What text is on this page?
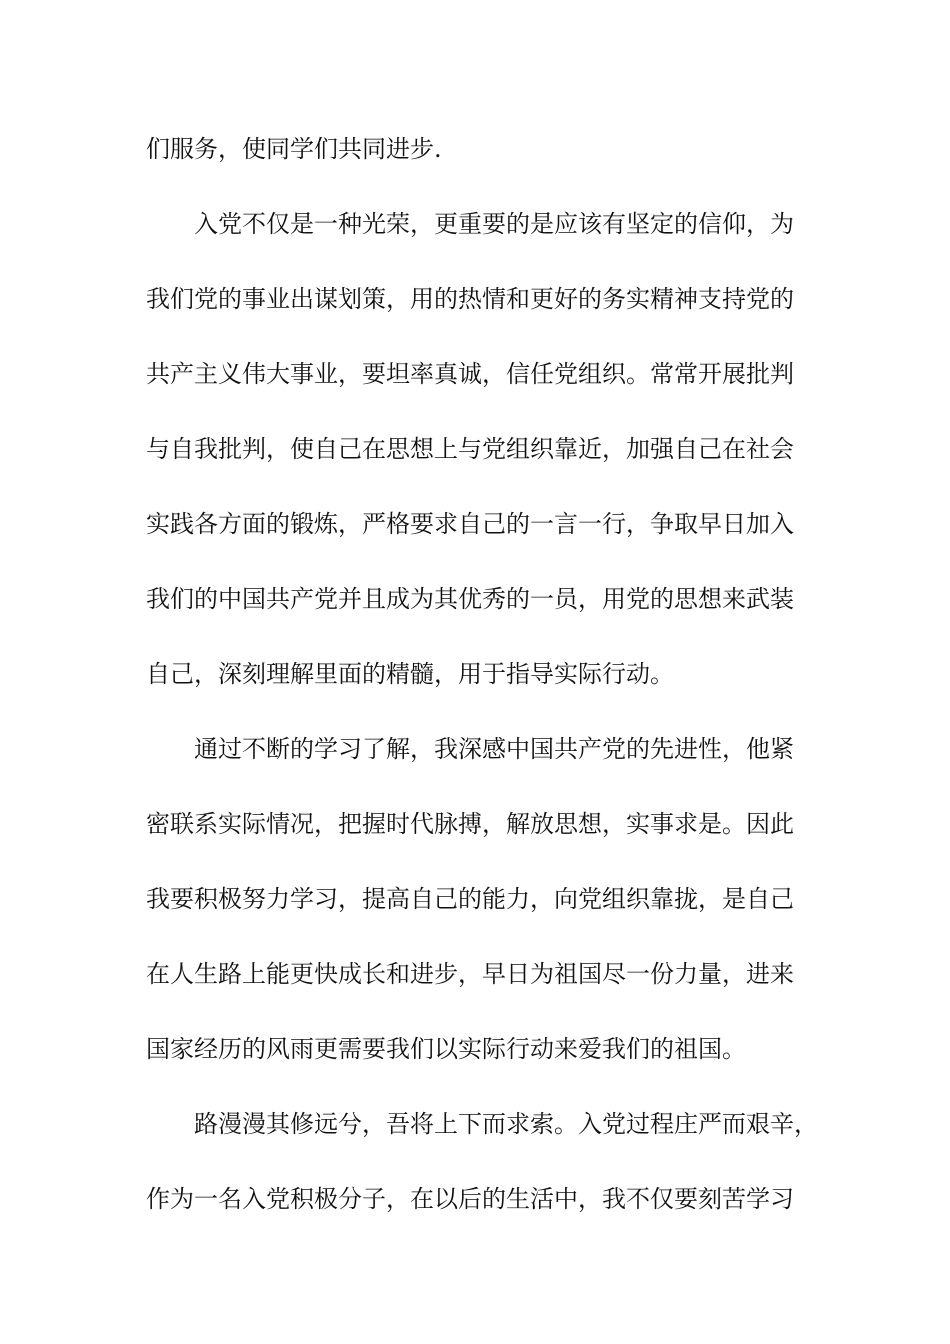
们服务，使同学们共同进步.
入党不仅是一种光荣，更重要的是应该有坚定的信仰，为
我们党的事业出谋划策，用的热情和更好的务实精神支持党的
共产主义伟大事业，要坦率真诚，信任党组织。常常开展批判
与自我批判，使自己在思想上与党组织靠近，加强自己在社会
实践各方面的锻炼，严格要求自己的一言一行，争取早日加入
我们的中国共产党并且成为其优秀的一员，用党的思想来武装
自己，深刻理解里面的精髓，用于指导实际行动。
通过不断的学习了解，我深感中国共产党的先进性，他紧
密联系实际情况，把握时代脉搏，解放思想，实事求是。因此
我要积极努力学习，提高自己的能力，向党组织靠拢，是自己
在人生路上能更快成长和进步，早日为祖国尽一份力量，进来
国家经历的风雨更需要我们以实际行动来爱我们的祖国。
路漫漫其修远兮，吾将上下而求索。入党过程庄严而艰辛，
作为一名入党积极分子，在以后的生活中，我不仅要刻苦学习
